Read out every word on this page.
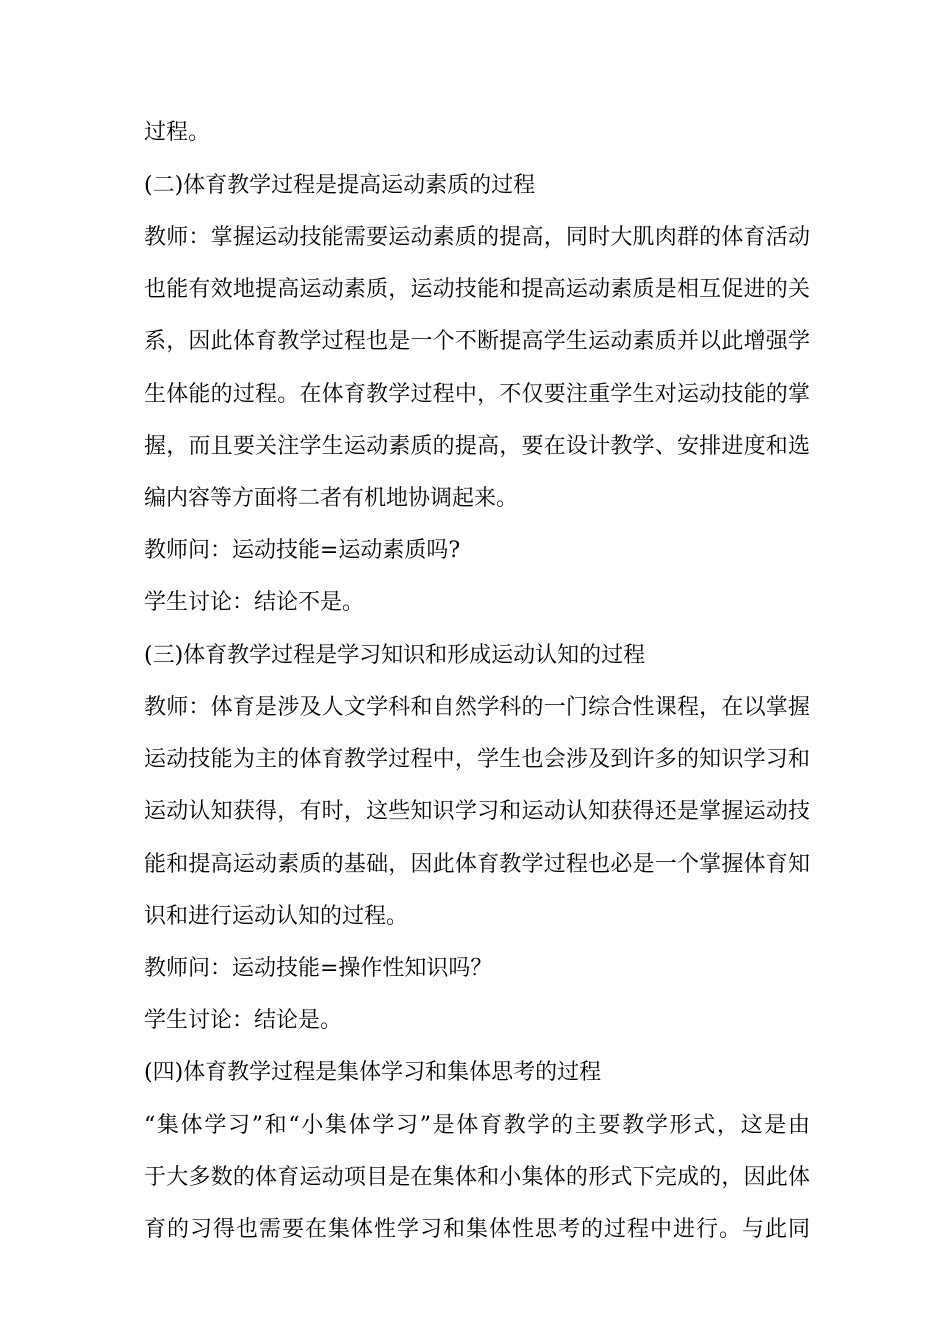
过程。
(二)体育教学过程是提高运动素质的过程
教师：掌握运动技能需要运动素质的提高，同时大肌肉群的体育活动
也能有效地提高运动素质，运动技能和提高运动素质是相互促进的关
系，因此体育教学过程也是一个不断提高学生运动素质并以此增强学
生体能的过程。在体育教学过程中，不仅要注重学生对运动技能的掌
握，而且要关注学生运动素质的提高，要在设计教学、安排进度和选
编内容等方面将二者有机地协调起来。
教师问：运动技能=运动素质吗?
学生讨论：结论不是。
(三)体育教学过程是学习知识和形成运动认知的过程
教师：体育是涉及人文学科和自然学科的一门综合性课程，在以掌握
运动技能为主的体育教学过程中，学生也会涉及到许多的知识学习和
运动认知获得，有时，这些知识学习和运动认知获得还是掌握运动技
能和提高运动素质的基础，因此体育教学过程也必是一个掌握体育知
识和进行运动认知的过程。
教师问：运动技能=操作性知识吗？
学生讨论：结论是。
(四)体育教学过程是集体学习和集体思考的过程
“集体学习”和“小集体学习”是体育教学的主要教学形式，这是由
于大多数的体育运动项目是在集体和小集体的形式下完成的，因此体
育的习得也需要在集体性学习和集体性思考的过程中进行。与此同
